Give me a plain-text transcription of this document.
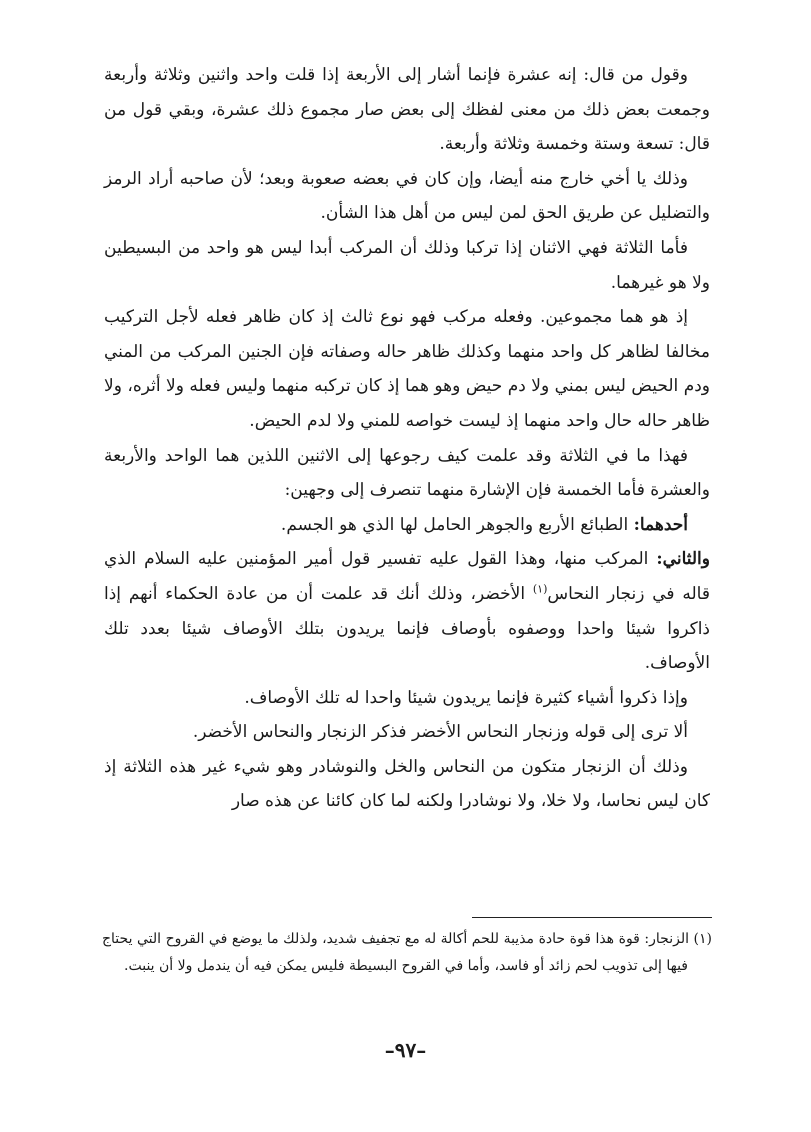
وقول من قال: إنه عشرة فإنما أشار إلى الأربعة إذا قلت واحد واثنين وثلاثة وأربعة وجمعت بعض ذلك من معنى لفظك إلى بعض صار مجموع ذلك عشرة، وبقي قول من قال: تسعة وستة وخمسة وثلاثة وأربعة.

وذلك يا أخي خارج منه أيضا، وإن كان في بعضه صعوبة وبعد؛ لأن صاحبه أراد الرمز والتضليل عن طريق الحق لمن ليس من أهل هذا الشأن.

فأما الثلاثة فهي الاثنان إذا تركبا وذلك أن المركب أبدا ليس هو واحد من البسيطين ولا هو غيرهما.

إذ هو هما مجموعين. وفعله مركب فهو نوع ثالث إذ كان ظاهر فعله لأجل التركيب مخالفا لظاهر كل واحد منهما وكذلك ظاهر حاله وصفاته فإن الجنين المركب من المني ودم الحيض ليس بمني ولا دم حيض وهو هما إذ كان تركبه منهما وليس فعله ولا أثره، ولا ظاهر حاله حال واحد منهما إذ ليست خواصه للمني ولا لدم الحيض.

فهذا ما في الثلاثة وقد علمت كيف رجوعها إلى الاثنين اللذين هما الواحد والأربعة والعشرة فأما الخمسة فإن الإشارة منهما تنصرف إلى وجهين:

أحدهما: الطبائع الأربع والجوهر الحامل لها الذي هو الجسم.

والثاني: المركب منها، وهذا القول عليه تفسير قول أمير المؤمنين عليه السلام الذي قاله في زنجار النحاس$^{(١)}$ الأخضر، وذلك أنك قد علمت أن من عادة الحكماء أنهم إذا ذاكروا شيئا واحدا ووصفوه بأوصاف فإنما يريدون بتلك الأوصاف شيئا بعدد تلك الأوصاف.

وإذا ذكروا أشياء كثيرة فإنما يريدون شيئا واحدا له تلك الأوصاف.

ألا ترى إلى قوله وزنجار النحاس الأخضر فذكر الزنجار والنحاس الأخضر.

وذلك أن الزنجار متكون من النحاس والخل والنوشادر وهو شيء غير هذه الثلاثة إذ كان ليس نحاسا، ولا خلا، ولا نوشادرا ولكنه لما كان كائنا عن هذه صار

(١) الزنجار: قوة هذا قوة حادة مذيبة للحم أكالة له مع تجفيف شديد، ولذلك ما يوضع في القروح التي يحتاج فيها إلى تذويب لحم زائد أو فاسد، وأما في القروح البسيطة فليس يمكن فيه أن يندمل ولا أن ينبت.

–٩٧–
